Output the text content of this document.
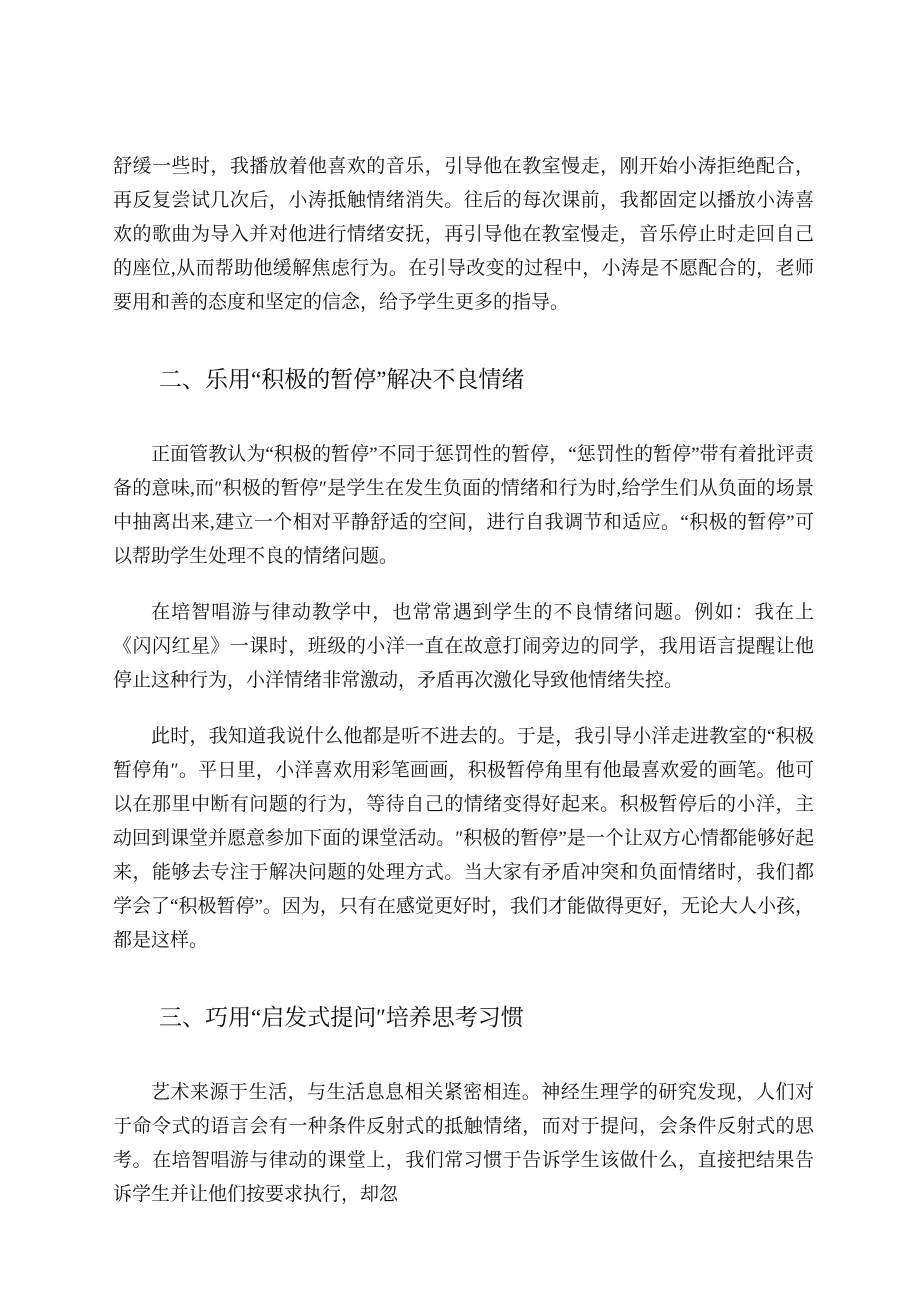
舒缓一些时，我播放着他喜欢的音乐，引导他在教室慢走，刚开始小涛拒绝配合，再反复尝试几次后，小涛抵触情绪消失。往后的每次课前，我都固定以播放小涛喜欢的歌曲为导入并对他进行情绪安抚，再引导他在教室慢走，音乐停止时走回自己的座位,从而帮助他缓解焦虑行为。在引导改变的过程中，小涛是不愿配合的，老师要用和善的态度和坚定的信念，给予学生更多的指导。

二、乐用“积极的暂停”解决不良情绪

正面管教认为“积极的暂停”不同于惩罚性的暂停，“惩罚性的暂停”带有着批评责备的意味,而″积极的暂停″是学生在发生负面的情绪和行为时,给学生们从负面的场景中抽离出来,建立一个相对平静舒适的空间，进行自我调节和适应。“积极的暂停”可以帮助学生处理不良的情绪问题。

在培智唱游与律动教学中，也常常遇到学生的不良情绪问题。例如：我在上《闪闪红星》一课时，班级的小洋一直在故意打闹旁边的同学，我用语言提醒让他停止这种行为，小洋情绪非常激动，矛盾再次激化导致他情绪失控。

此时，我知道我说什么他都是听不进去的。于是，我引导小洋走进教室的“积极暂停角″。平日里，小洋喜欢用彩笔画画，积极暂停角里有他最喜欢爱的画笔。他可以在那里中断有问题的行为，等待自己的情绪变得好起来。积极暂停后的小洋，主动回到课堂并愿意参加下面的课堂活动。″积极的暂停”是一个让双方心情都能够好起来，能够去专注于解决问题的处理方式。当大家有矛盾冲突和负面情绪时，我们都学会了“积极暂停”。因为，只有在感觉更好时，我们才能做得更好，无论大人小孩，都是这样。

三、巧用“启发式提问″培养思考习惯

艺术来源于生活，与生活息息相关紧密相连。神经生理学的研究发现，人们对于命令式的语言会有一种条件反射式的抵触情绪，而对于提问，会条件反射式的思考。在培智唱游与律动的课堂上，我们常习惯于告诉学生该做什么，直接把结果告诉学生并让他们按要求执行，却忽
